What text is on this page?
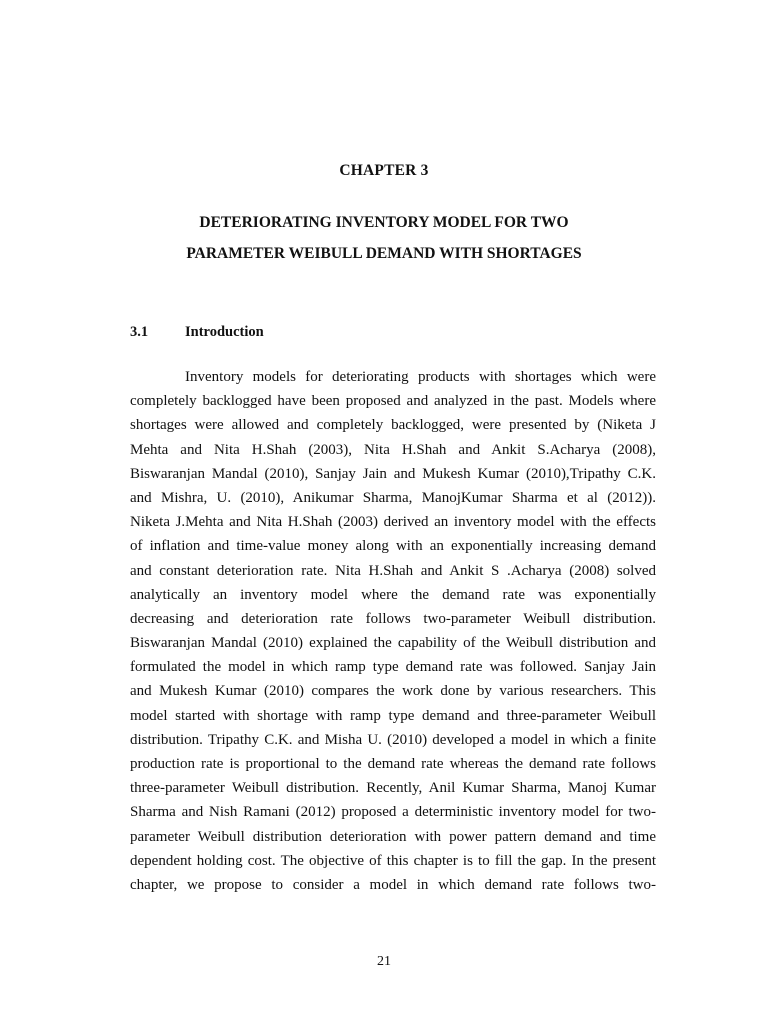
CHAPTER 3
DETERIORATING INVENTORY MODEL FOR TWO
PARAMETER WEIBULL DEMAND WITH SHORTAGES
3.1	Introduction
Inventory models for deteriorating products with shortages which were
completely backlogged have been proposed and analyzed in the past. Models where
shortages were allowed and completely backlogged, were presented by (Niketa J
Mehta and Nita H.Shah (2003), Nita H.Shah and Ankit S.Acharya (2008),
Biswaranjan Mandal (2010), Sanjay Jain and Mukesh Kumar (2010),Tripathy C.K.
and Mishra, U. (2010), Anikumar Sharma, ManojKumar Sharma et al (2012)).
Niketa J.Mehta and Nita H.Shah (2003) derived an inventory model with the effects
of inflation and time-value money along with an exponentially increasing demand
and constant deterioration rate. Nita H.Shah and Ankit S .Acharya (2008) solved
analytically an inventory model where the demand rate was exponentially
decreasing and deterioration rate follows two-parameter Weibull distribution.
Biswaranjan Mandal (2010) explained the capability of the Weibull distribution and
formulated the model in which ramp type demand rate was followed. Sanjay Jain
and Mukesh Kumar (2010) compares the work done by various researchers. This
model started with shortage with ramp type demand and three-parameter Weibull
distribution. Tripathy C.K. and Misha U. (2010) developed a model in which a finite
production rate is proportional to the demand rate whereas the demand rate follows
three-parameter Weibull distribution. Recently, Anil Kumar Sharma, Manoj Kumar
Sharma and Nish Ramani (2012) proposed a deterministic inventory model for two-
parameter Weibull distribution deterioration with power pattern demand and time
dependent holding cost. The objective of this chapter is to fill the gap. In the present
chapter, we propose to consider a model in which demand rate follows two-
21
